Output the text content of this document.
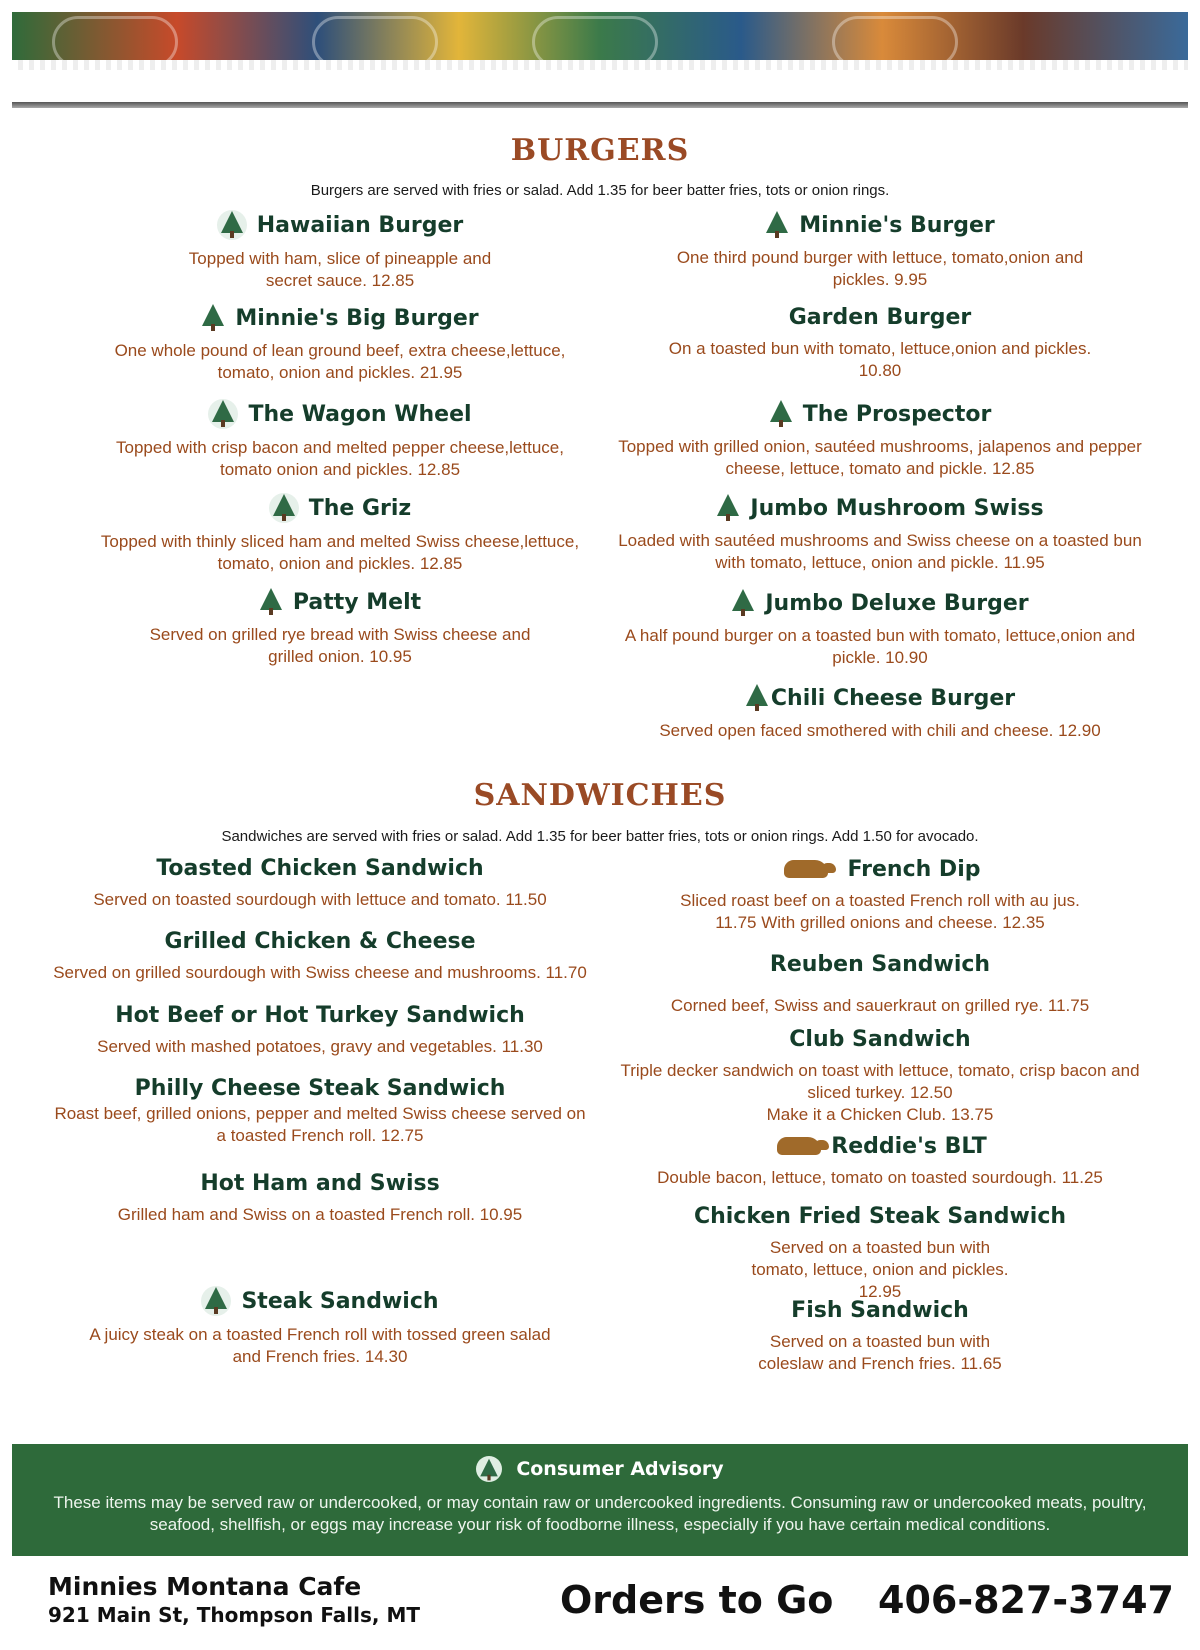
BURGERS
Burgers are served with fries or salad. Add 1.35 for beer batter fries, tots or onion rings.
Hawaiian Burger
Topped with ham, slice of pineapple and secret sauce. 12.85
Minnie's Big Burger
One whole pound of lean ground beef, extra cheese,lettuce, tomato, onion and pickles. 21.95
The Wagon Wheel
Topped with crisp bacon and melted pepper cheese,lettuce, tomato onion and pickles. 12.85
The Griz
Topped with thinly sliced ham and melted Swiss cheese,lettuce, tomato, onion and pickles. 12.85
Patty Melt
Served on grilled rye bread with Swiss cheese and grilled onion. 10.95
Minnie's Burger
One third pound burger with lettuce, tomato,onion and pickles. 9.95
Garden Burger
On a toasted bun with tomato, lettuce,onion and pickles. 10.80
The Prospector
Topped with grilled onion, sautéed mushrooms, jalapenos and pepper cheese, lettuce, tomato and pickle. 12.85
Jumbo Mushroom Swiss
Loaded with sautéed mushrooms and Swiss cheese on a toasted bun with tomato, lettuce, onion and pickle. 11.95
Jumbo Deluxe Burger
A half pound burger on a toasted bun with tomato, lettuce,onion and pickle. 10.90
Chili Cheese Burger
Served open faced smothered with chili and cheese. 12.90
SANDWICHES
Sandwiches are served with fries or salad. Add 1.35 for beer batter fries, tots or onion rings. Add 1.50 for avocado.
Toasted Chicken Sandwich
Served on toasted sourdough with lettuce and tomato. 11.50
Grilled Chicken & Cheese
Served on grilled sourdough with Swiss cheese and mushrooms. 11.70
Hot Beef or Hot Turkey Sandwich
Served with mashed potatoes, gravy and vegetables. 11.30
Philly Cheese Steak Sandwich
Roast beef, grilled onions, pepper and melted Swiss cheese served on a toasted French roll. 12.75
Hot Ham and Swiss
Grilled ham and Swiss on a toasted French roll. 10.95
Steak Sandwich
A juicy steak on a toasted French roll with tossed green salad and French fries. 14.30
French Dip
Sliced roast beef on a toasted French roll with au jus. 11.75 With grilled onions and cheese. 12.35
Reuben Sandwich
Corned beef, Swiss and sauerkraut on grilled rye. 11.75
Club Sandwich
Triple decker sandwich on toast with lettuce, tomato, crisp bacon and sliced turkey. 12.50
Make it a Chicken Club. 13.75
Reddie's BLT
Double bacon, lettuce, tomato on toasted sourdough. 11.25
Chicken Fried Steak Sandwich
Served on a toasted bun with tomato, lettuce, onion and pickles. 12.95
Fish Sandwich
Served on a toasted bun with coleslaw and French fries. 11.65
Consumer Advisory
These items may be served raw or undercooked, or may contain raw or undercooked ingredients. Consuming raw or undercooked meats, poultry, seafood, shellfish, or eggs may increase your risk of foodborne illness, especially if you have certain medical conditions.
Minnies Montana Cafe
921 Main St, Thompson Falls, MT	Orders to Go 406-827-3747
